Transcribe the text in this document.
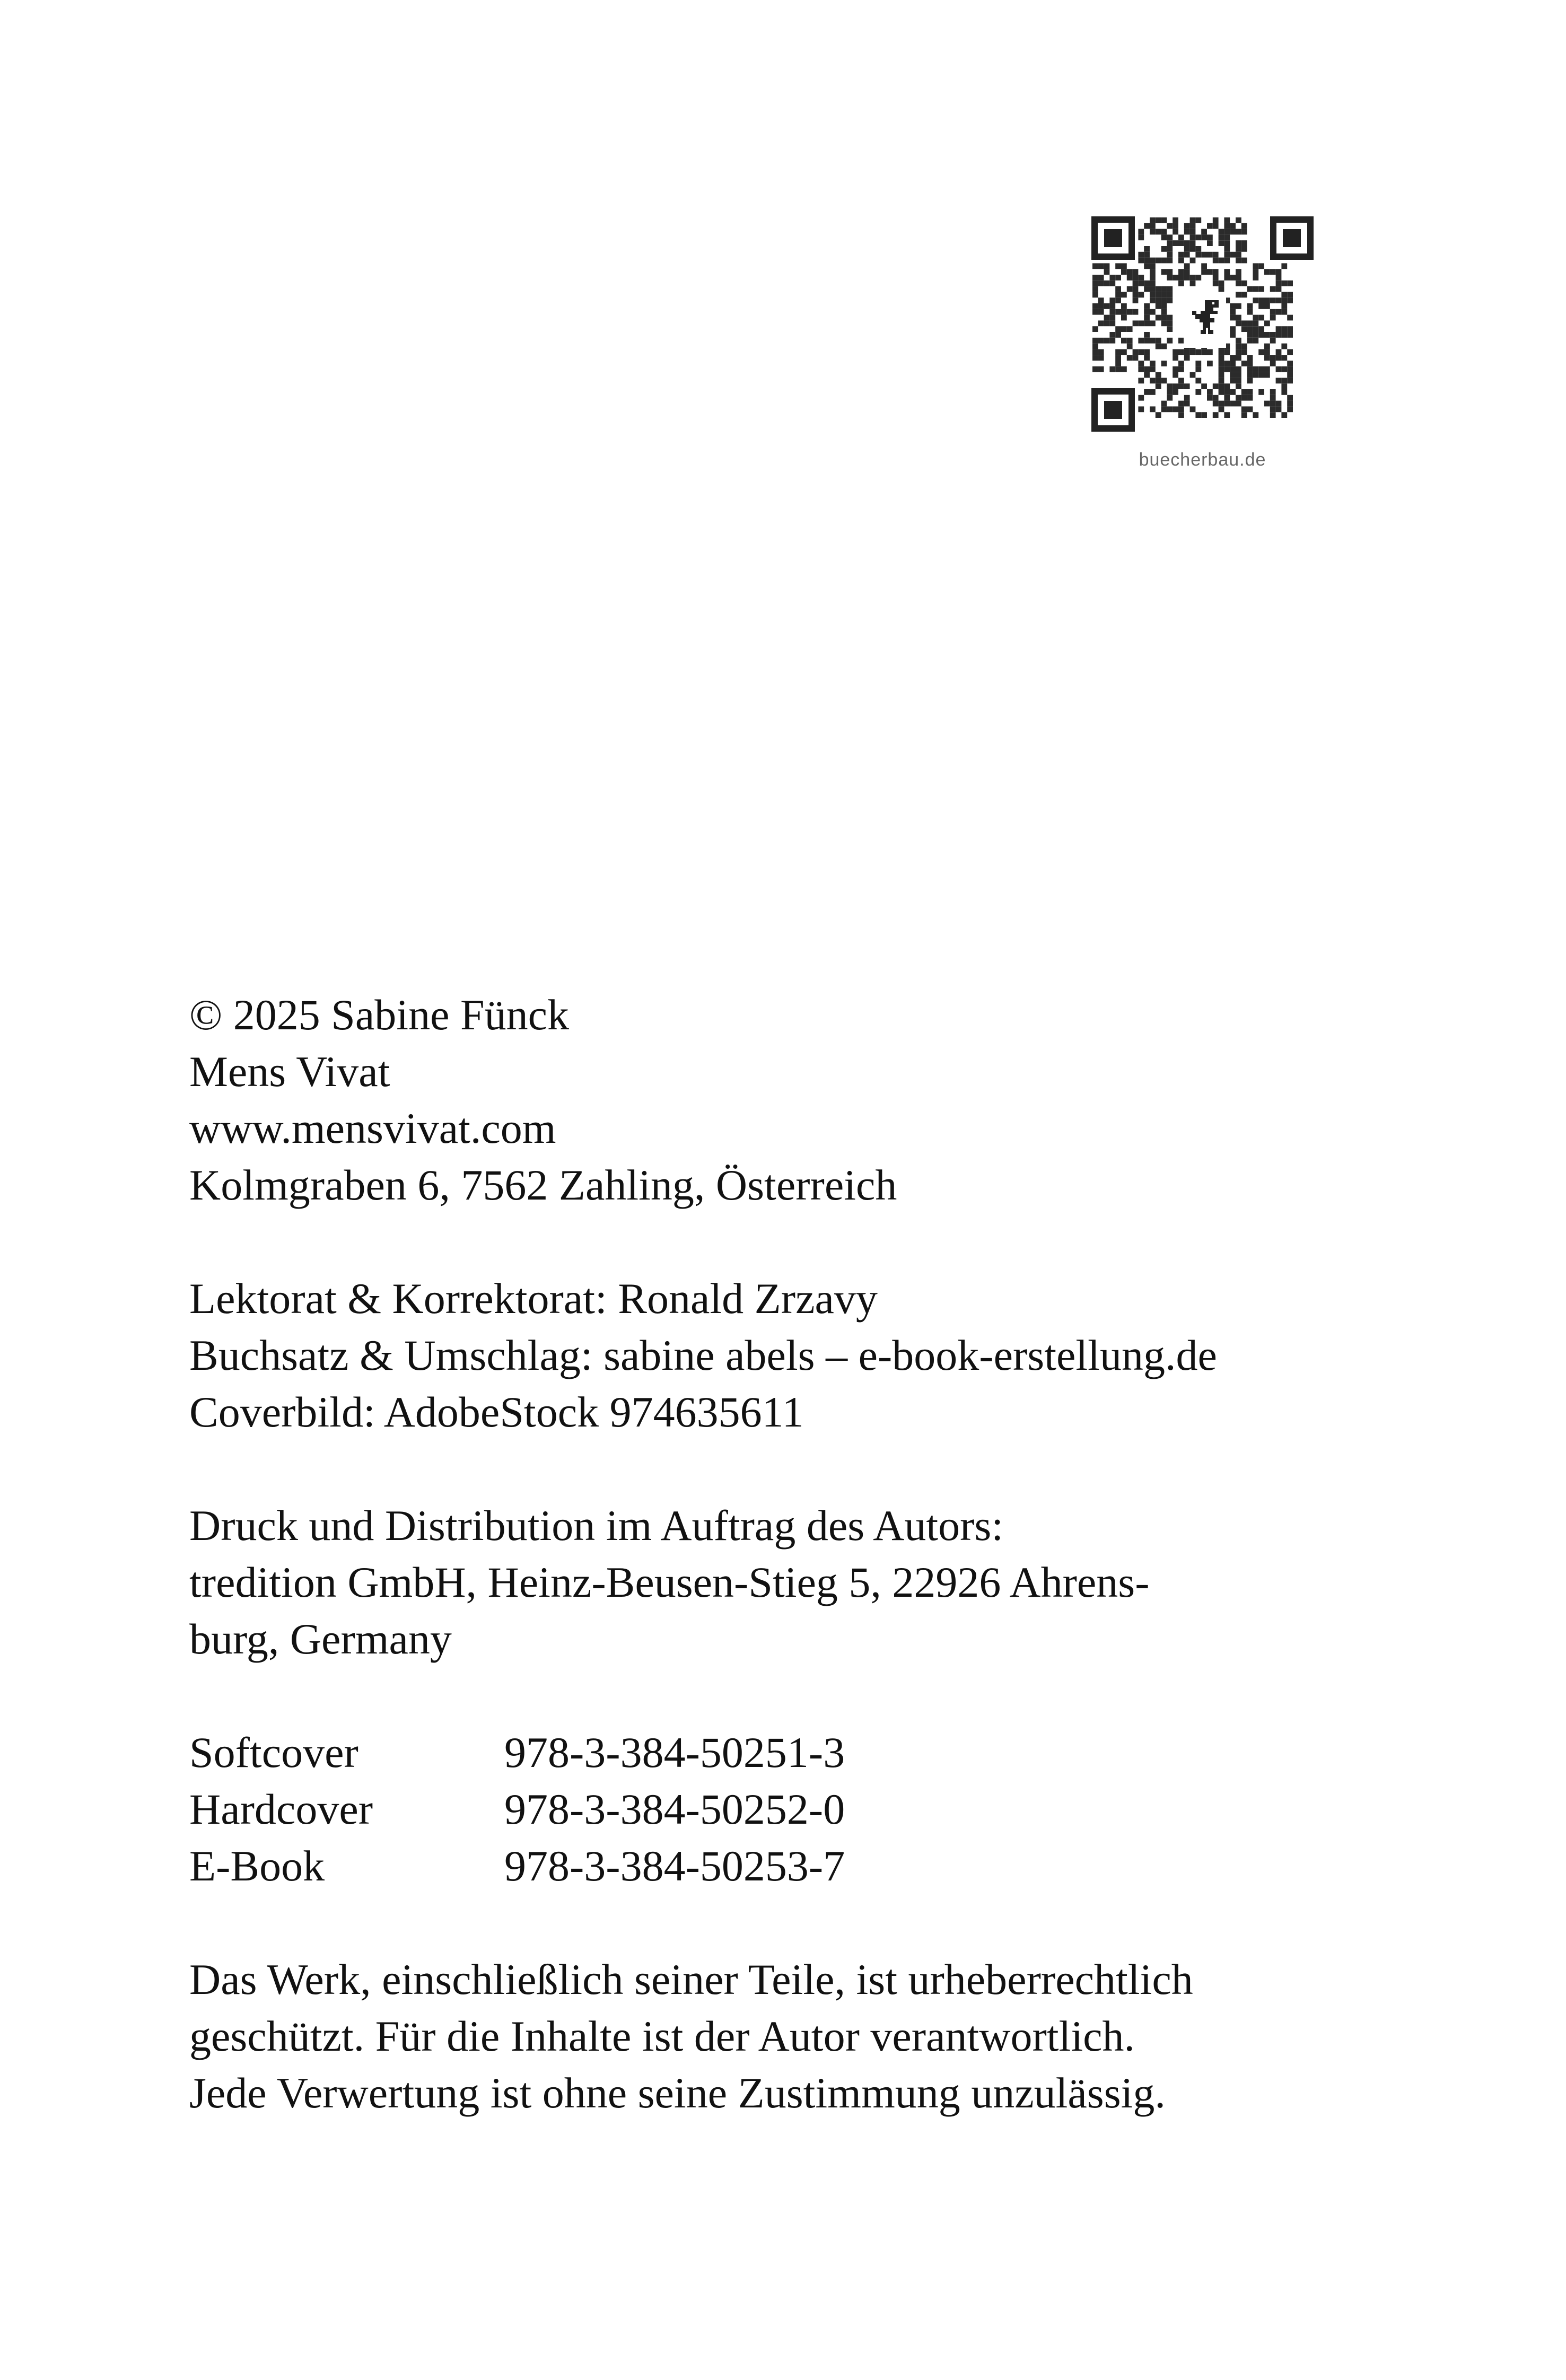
buecherbau.de
© 2025 Sabine Fünck
Mens Vivat
www.mensvivat.com
Kolmgraben 6, 7562 Zahling, Österreich
Lektorat & Korrektorat: Ronald Zrzavy
Buchsatz & Umschlag: sabine abels – e-book-erstellung.de
Coverbild: AdobeStock 974635611
Druck und Distribution im Auftrag des Autors:
tredition GmbH, Heinz-Beusen-Stieg 5, 22926 Ahrens-
burg, Germany
Softcover	978-3-384-50251-3
Hardcover	978-3-384-50252-0
E-Book	978-3-384-50253-7
Das Werk, einschließlich seiner Teile, ist urheberrechtlich
geschützt. Für die Inhalte ist der Autor verantwortlich.
Jede Verwertung ist ohne seine Zustimmung unzulässig.
